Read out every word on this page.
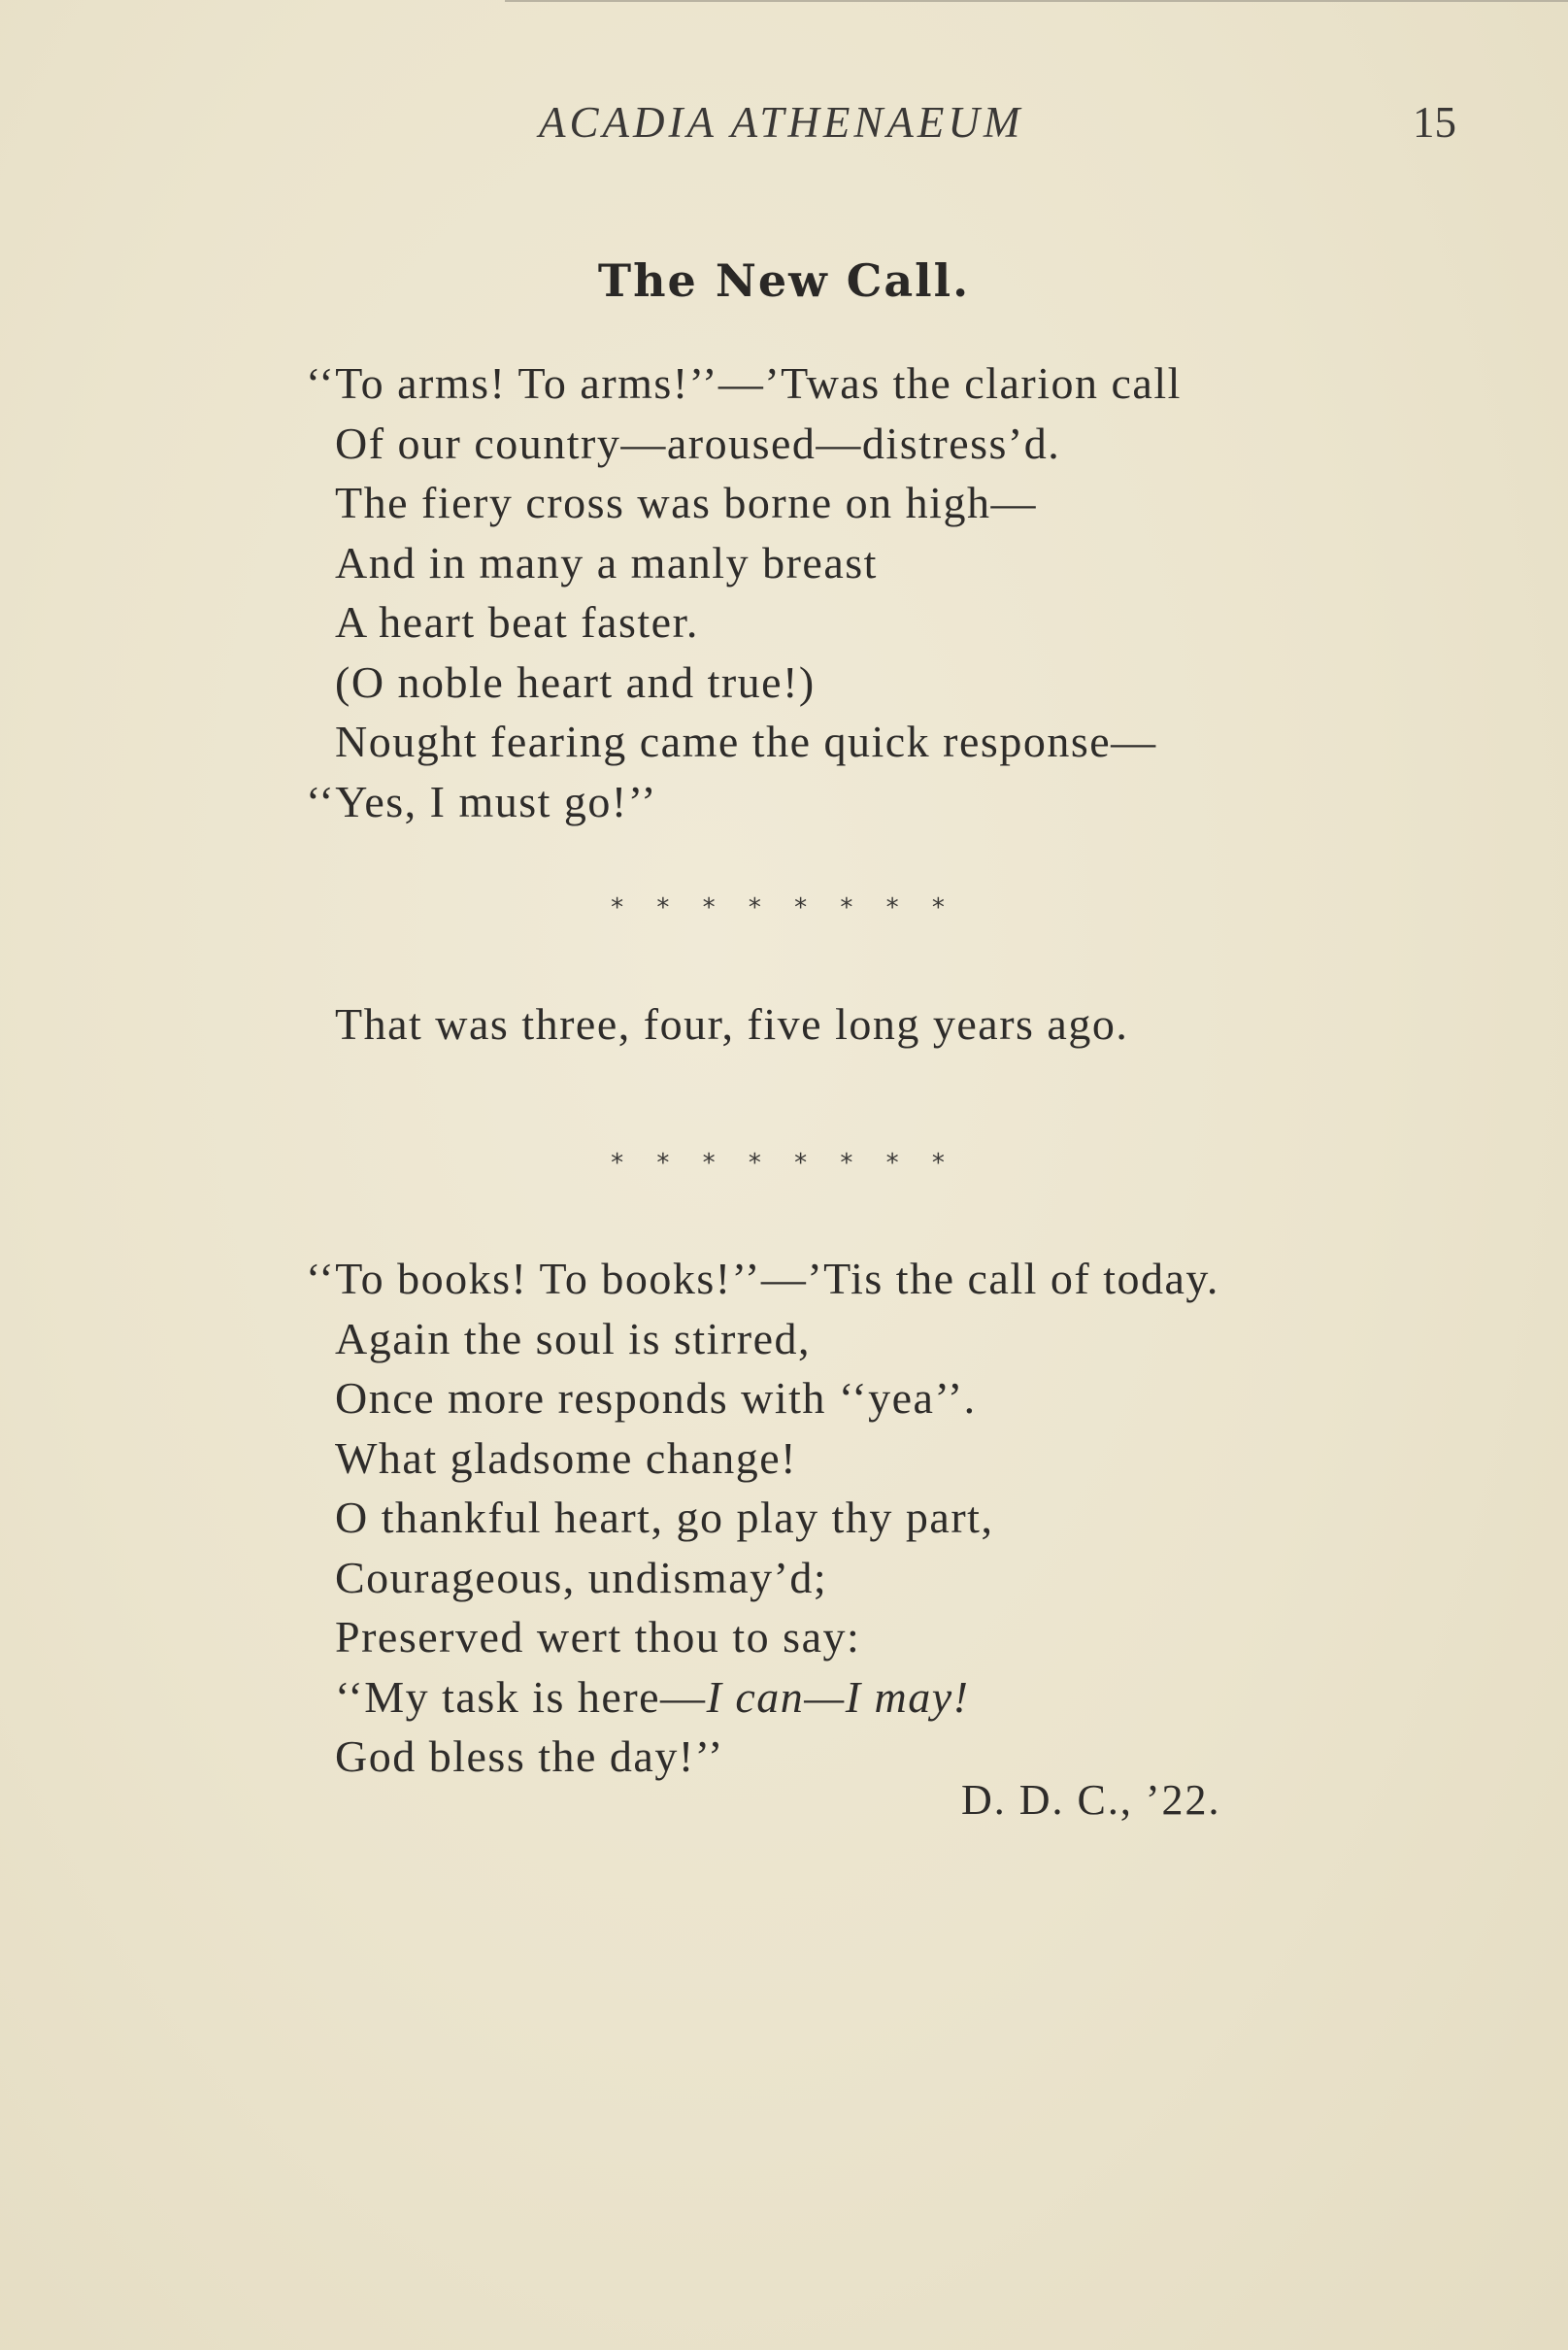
ACADIA ATHENAEUM	15
The New Call.
‘‘To arms! To arms!’’—’Twas the clarion call
Of our country—aroused—distress’d.
The fiery cross was borne on high—
And in many a manly breast
A heart beat faster.
(O noble heart and true!)
Nought fearing came the quick response—
‘‘Yes, I must go!’’
* * * * * * * *
That was three, four, five long years ago.
* * * * * * * *
‘‘To books! To books!’’—’Tis the call of today.
Again the soul is stirred,
Once more responds with ‘‘yea’’.
What gladsome change!
O thankful heart, go play thy part,
Courageous, undismay’d;
Preserved wert thou to say:
‘‘My task is here—I can—I may!
God bless the day!’’
D. D. C., ’22.
